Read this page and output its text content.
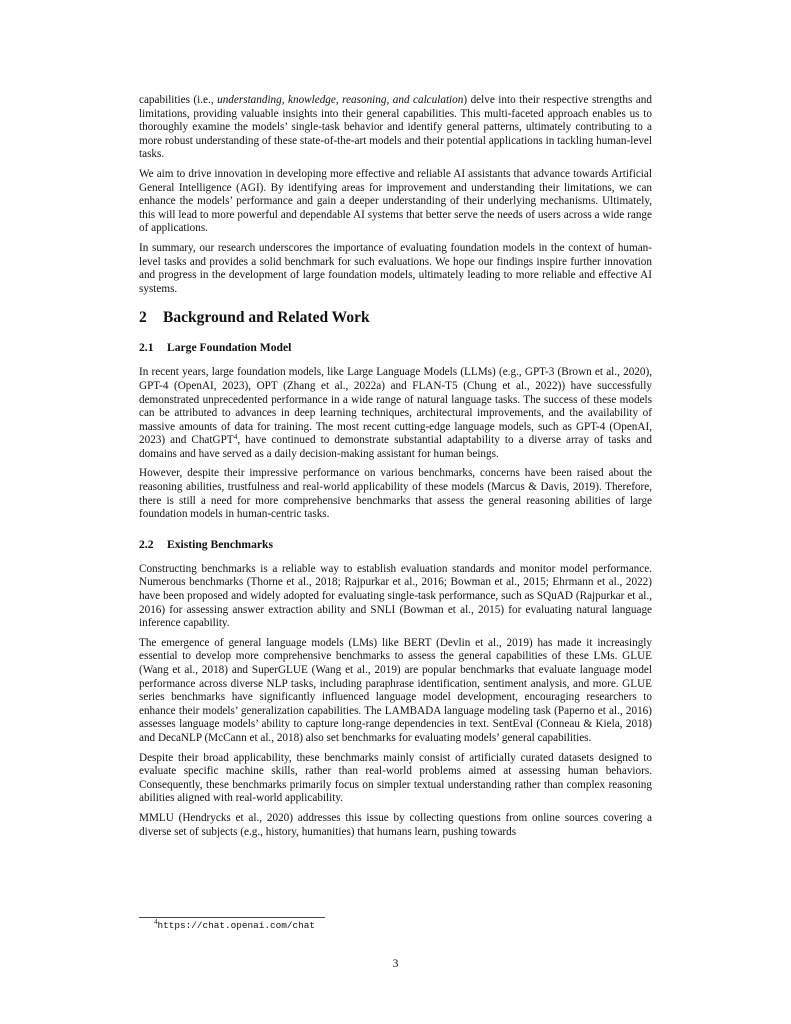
capabilities (i.e., understanding, knowledge, reasoning, and calculation) delve into their respective strengths and limitations, providing valuable insights into their general capabilities. This multi-faceted approach enables us to thoroughly examine the models’ single-task behavior and identify general patterns, ultimately contributing to a more robust understanding of these state-of-the-art models and their potential applications in tackling human-level tasks.

We aim to drive innovation in developing more effective and reliable AI assistants that advance towards Artificial General Intelligence (AGI). By identifying areas for improvement and understanding their limitations, we can enhance the models’ performance and gain a deeper understanding of their underlying mechanisms. Ultimately, this will lead to more powerful and dependable AI systems that better serve the needs of users across a wide range of applications.

In summary, our research underscores the importance of evaluating foundation models in the context of human-level tasks and provides a solid benchmark for such evaluations. We hope our findings inspire further innovation and progress in the development of large foundation models, ultimately leading to more reliable and effective AI systems.

2 Background and Related Work
2.1 Large Foundation Model

In recent years, large foundation models, like Large Language Models (LLMs) (e.g., GPT-3 (Brown et al., 2020), GPT-4 (OpenAI, 2023), OPT (Zhang et al., 2022a) and FLAN-T5 (Chung et al., 2022)) have successfully demonstrated unprecedented performance in a wide range of natural language tasks. The success of these models can be attributed to advances in deep learning techniques, architectural improvements, and the availability of massive amounts of data for training. The most recent cutting-edge language models, such as GPT-4 (OpenAI, 2023) and ChatGPT$^4$, have continued to demonstrate substantial adaptability to a diverse array of tasks and domains and have served as a daily decision-making assistant for human beings.

However, despite their impressive performance on various benchmarks, concerns have been raised about the reasoning abilities, trustfulness and real-world applicability of these models (Marcus & Davis, 2019). Therefore, there is still a need for more comprehensive benchmarks that assess the general reasoning abilities of large foundation models in human-centric tasks.

2.2 Existing Benchmarks

Constructing benchmarks is a reliable way to establish evaluation standards and monitor model performance. Numerous benchmarks (Thorne et al., 2018; Rajpurkar et al., 2016; Bowman et al., 2015; Ehrmann et al., 2022) have been proposed and widely adopted for evaluating single-task performance, such as SQuAD (Rajpurkar et al., 2016) for assessing answer extraction ability and SNLI (Bowman et al., 2015) for evaluating natural language inference capability.

The emergence of general language models (LMs) like BERT (Devlin et al., 2019) has made it increasingly essential to develop more comprehensive benchmarks to assess the general capabilities of these LMs. GLUE (Wang et al., 2018) and SuperGLUE (Wang et al., 2019) are popular benchmarks that evaluate language model performance across diverse NLP tasks, including paraphrase identification, sentiment analysis, and more. GLUE series benchmarks have significantly influenced language model development, encouraging researchers to enhance their models’ generalization capabilities. The LAMBADA language modeling task (Paperno et al., 2016) assesses language models’ ability to capture long-range dependencies in text. SentEval (Conneau & Kiela, 2018) and DecaNLP (McCann et al., 2018) also set benchmarks for evaluating models’ general capabilities.

Despite their broad applicability, these benchmarks mainly consist of artificially curated datasets designed to evaluate specific machine skills, rather than real-world problems aimed at assessing human behaviors. Consequently, these benchmarks primarily focus on simpler textual understanding rather than complex reasoning abilities aligned with real-world applicability.

MMLU (Hendrycks et al., 2020) addresses this issue by collecting questions from online sources covering a diverse set of subjects (e.g., history, humanities) that humans learn, pushing towards

$^4$https://chat.openai.com/chat
3
